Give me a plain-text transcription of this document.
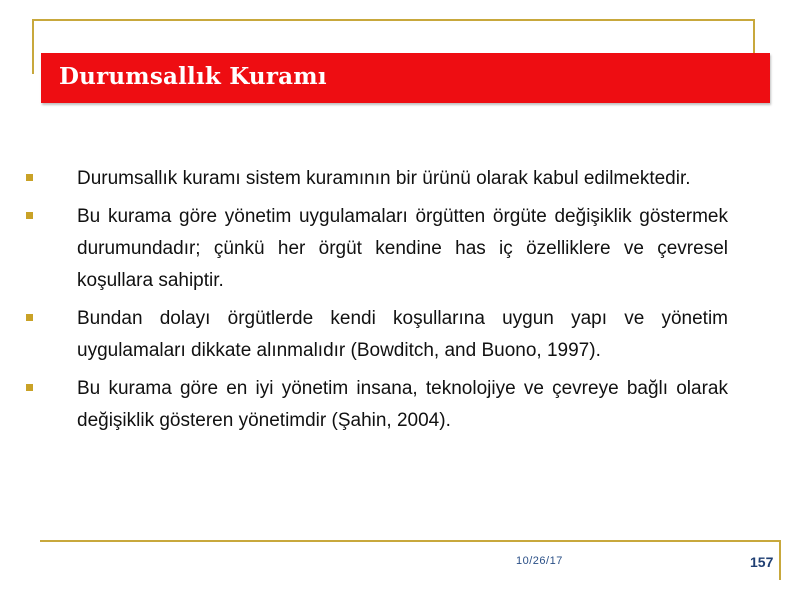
Durumsallık Kuramı
Durumsallık kuramı sistem kuramının bir ürünü olarak kabul edilmektedir.
Bu kurama göre yönetim uygulamaları örgütten örgüte değişiklik göstermek durumundadır; çünkü her örgüt kendine has iç özelliklere ve çevresel koşullara sahiptir.
Bundan dolayı örgütlerde kendi koşullarına uygun yapı ve yönetim uygulamaları dikkate alınmalıdır (Bowditch, and Buono, 1997).
Bu kurama göre en iyi yönetim insana, teknolojiye ve çevreye bağlı olarak değişiklik gösteren yönetimdir (Şahin, 2004).
10/26/17	157
